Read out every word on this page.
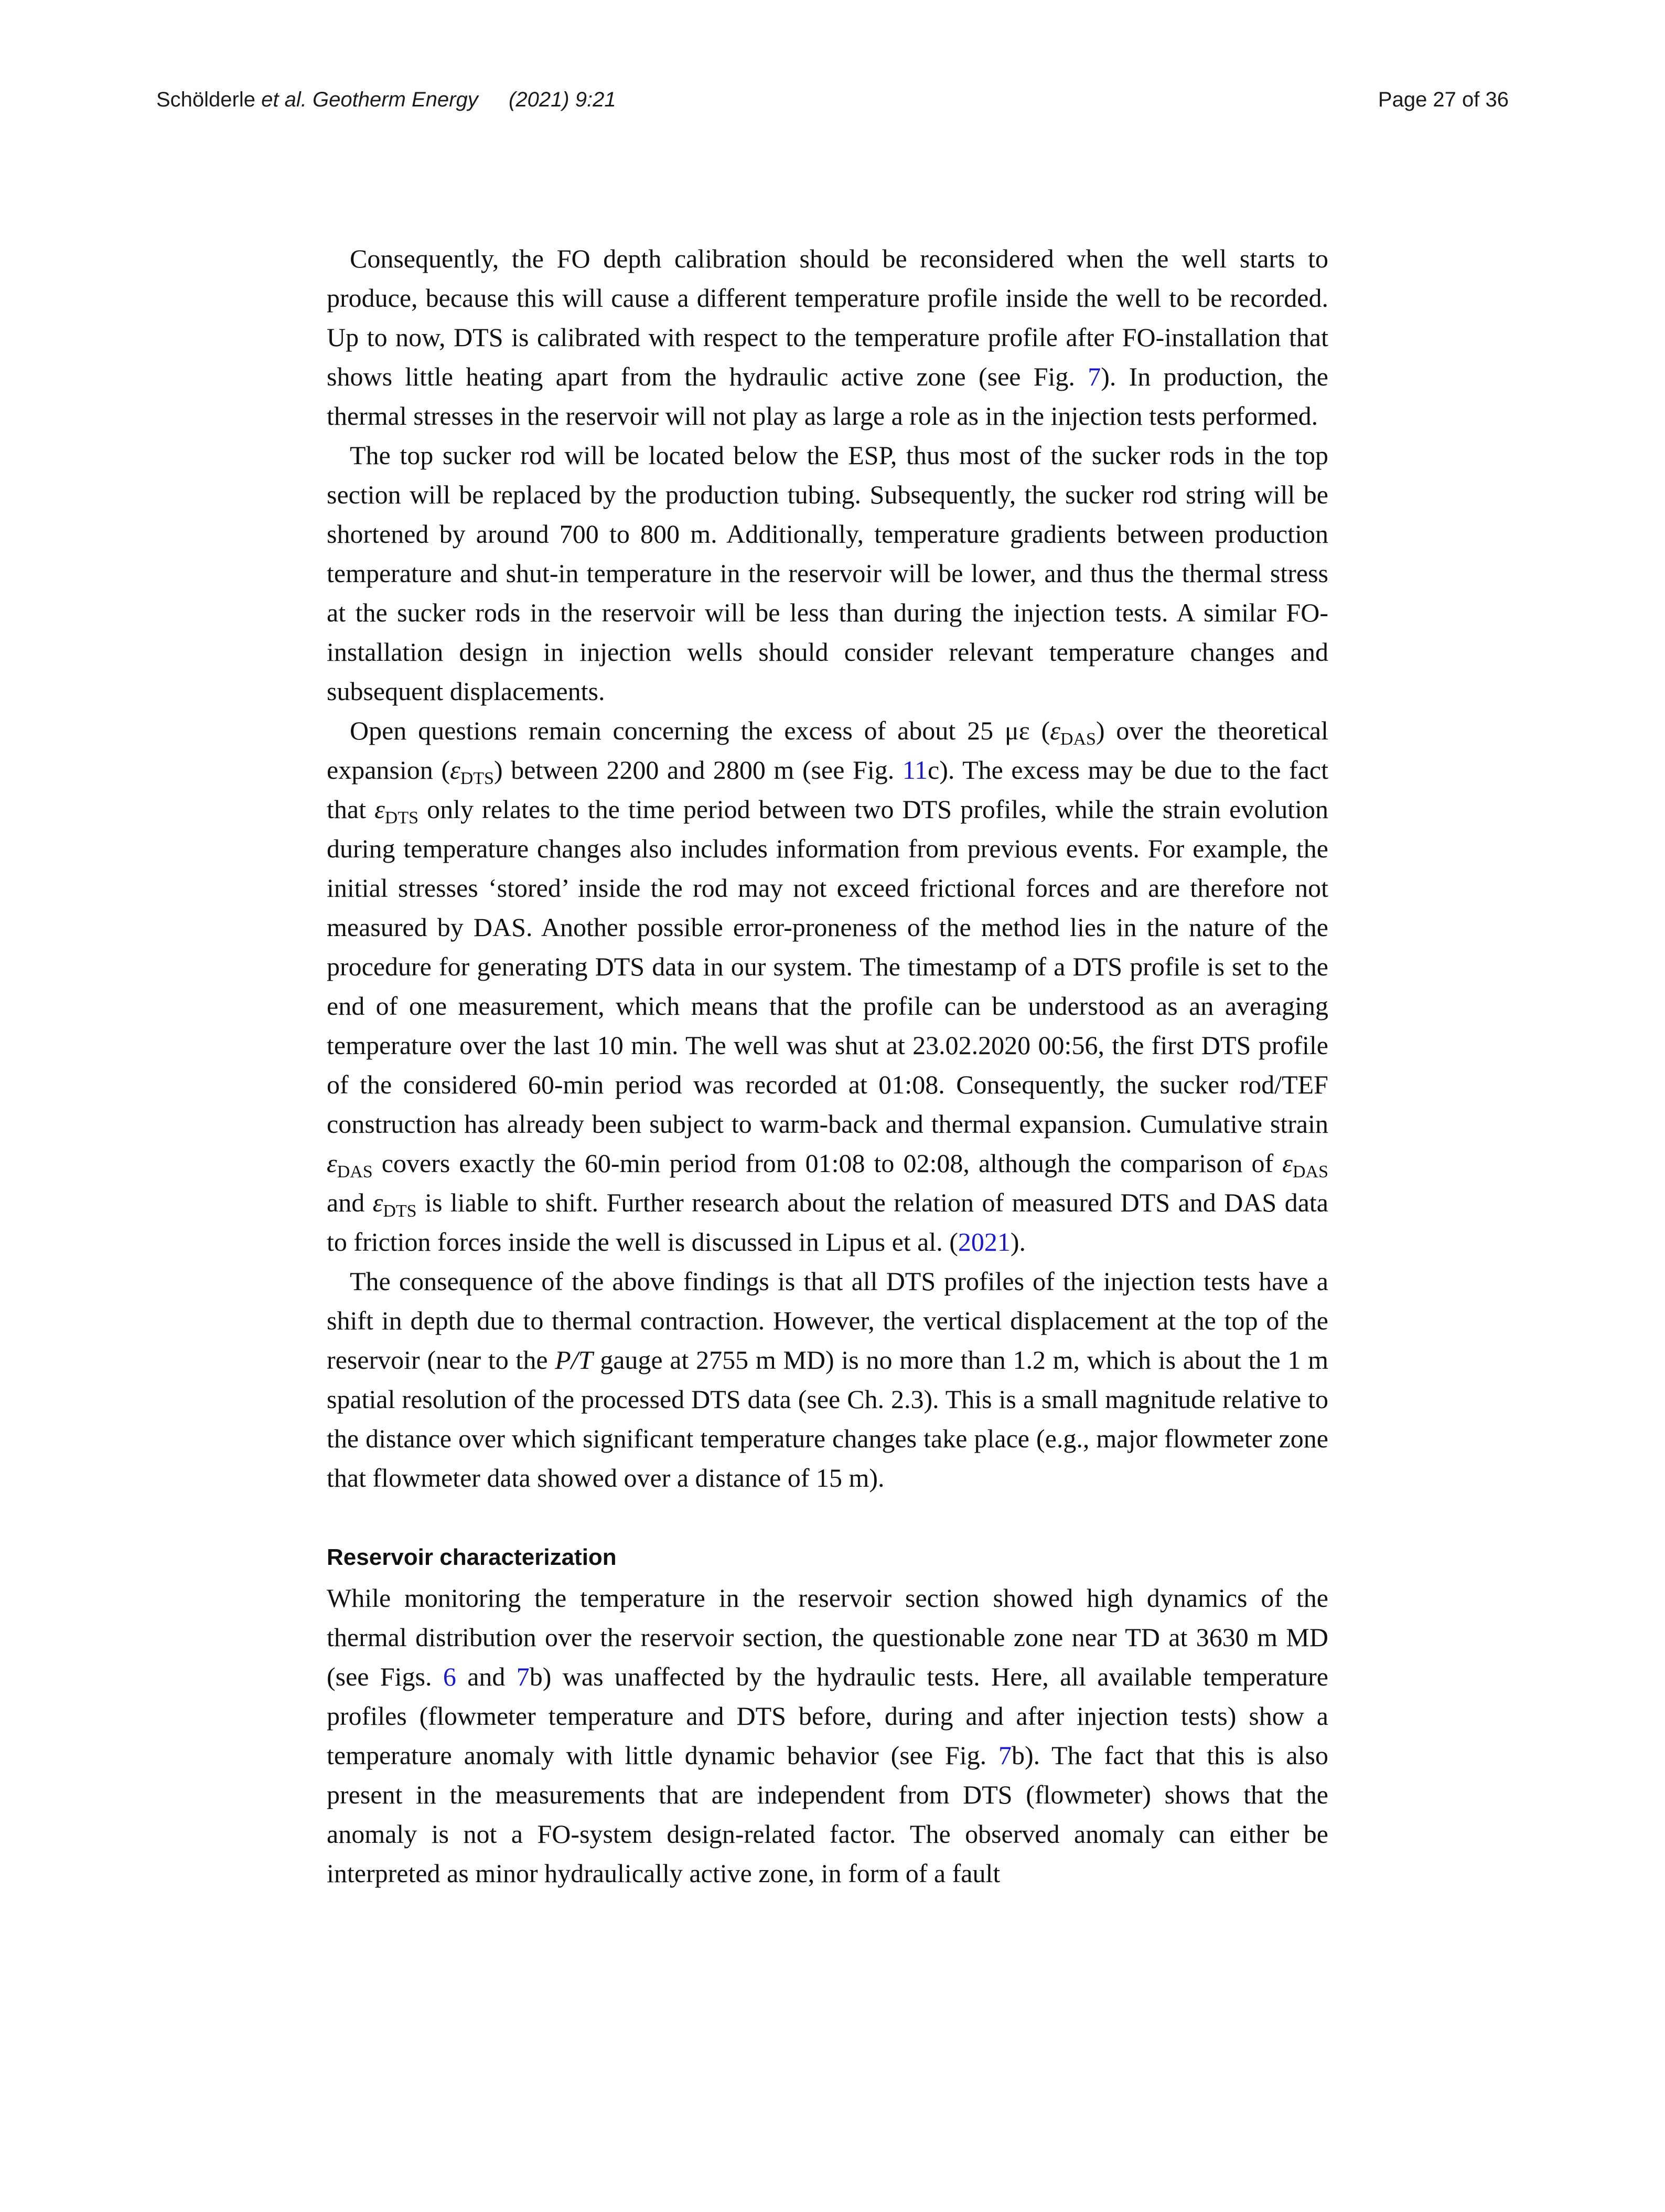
Schölderle et al. Geotherm Energy (2021) 9:21	Page 27 of 36

Consequently, the FO depth calibration should be reconsidered when the well starts to produce, because this will cause a different temperature profile inside the well to be recorded. Up to now, DTS is calibrated with respect to the temperature profile after FO-installation that shows little heating apart from the hydraulic active zone (see Fig. 7). In production, the thermal stresses in the reservoir will not play as large a role as in the injection tests performed.

The top sucker rod will be located below the ESP, thus most of the sucker rods in the top section will be replaced by the production tubing. Subsequently, the sucker rod string will be shortened by around 700 to 800 m. Additionally, temperature gradients between production temperature and shut-in temperature in the reservoir will be lower, and thus the thermal stress at the sucker rods in the reservoir will be less than during the injection tests. A similar FO-installation design in injection wells should consider relevant temperature changes and subsequent displacements.

Open questions remain concerning the excess of about 25 με $(\varepsilon_{DAS})$ over the theoretical expansion $(\varepsilon_{DTS})$ between 2200 and 2800 m (see Fig. 11c). The excess may be due to the fact that $\varepsilon_{DTS}$ only relates to the time period between two DTS profiles, while the strain evolution during temperature changes also includes information from previous events. For example, the initial stresses ‘stored’ inside the rod may not exceed frictional forces and are therefore not measured by DAS. Another possible error-proneness of the method lies in the nature of the procedure for generating DTS data in our system. The timestamp of a DTS profile is set to the end of one measurement, which means that the profile can be understood as an averaging temperature over the last 10 min. The well was shut at 23.02.2020 00:56, the first DTS profile of the considered 60-min period was recorded at 01:08. Consequently, the sucker rod/TEF construction has already been subject to warm-back and thermal expansion. Cumulative strain $\varepsilon_{DAS}$ covers exactly the 60-min period from 01:08 to 02:08, although the comparison of $\varepsilon_{DAS}$ and $\varepsilon_{DTS}$ is liable to shift. Further research about the relation of measured DTS and DAS data to friction forces inside the well is discussed in Lipus et al. (2021).

The consequence of the above findings is that all DTS profiles of the injection tests have a shift in depth due to thermal contraction. However, the vertical displacement at the top of the reservoir (near to the P/T gauge at 2755 m MD) is no more than 1.2 m, which is about the 1 m spatial resolution of the processed DTS data (see Ch. 2.3). This is a small magnitude relative to the distance over which significant temperature changes take place (e.g., major flowmeter zone that flowmeter data showed over a distance of 15 m).

Reservoir characterization

While monitoring the temperature in the reservoir section showed high dynamics of the thermal distribution over the reservoir section, the questionable zone near TD at 3630 m MD (see Figs. 6 and 7b) was unaffected by the hydraulic tests. Here, all available temperature profiles (flowmeter temperature and DTS before, during and after injection tests) show a temperature anomaly with little dynamic behavior (see Fig. 7b). The fact that this is also present in the measurements that are independent from DTS (flowmeter) shows that the anomaly is not a FO-system design-related factor. The observed anomaly can either be interpreted as minor hydraulically active zone, in form of a fault
